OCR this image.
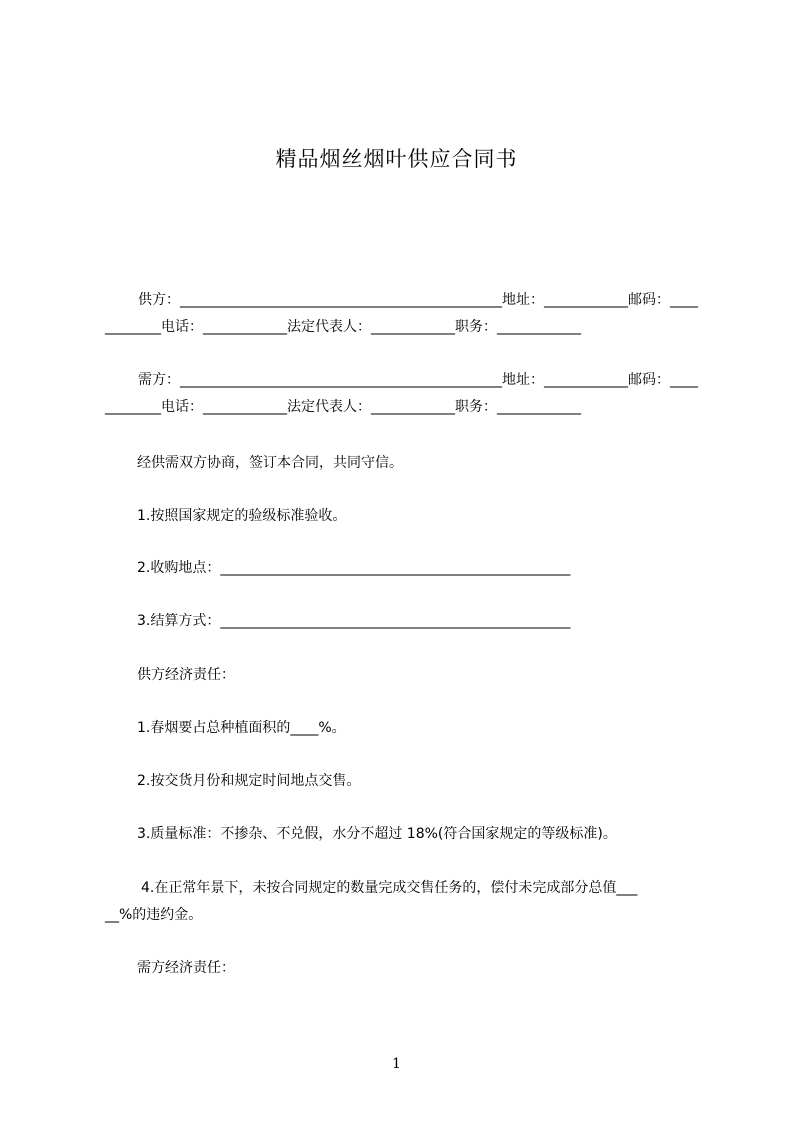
精品烟丝烟叶供应合同书
供方：______________________________________________地址：____________邮码：____
________电话：____________法定代表人：____________职务：____________
需方：______________________________________________地址：____________邮码：____
________电话：____________法定代表人：____________职务：____________
经供需双方协商，签订本合同，共同守信。
1.按照国家规定的验级标准验收。
2.收购地点：__________________________________________________
3.结算方式：__________________________________________________
供方经济责任：
1.春烟要占总种植面积的____%。
2.按交货月份和规定时间地点交售。
3.质量标准：不掺杂、不兑假，水分不超过 18%(符合国家规定的等级标准)。
4.在正常年景下，未按合同规定的数量完成交售任务的，偿付未完成部分总值___
__%的违约金。
需方经济责任：
1
